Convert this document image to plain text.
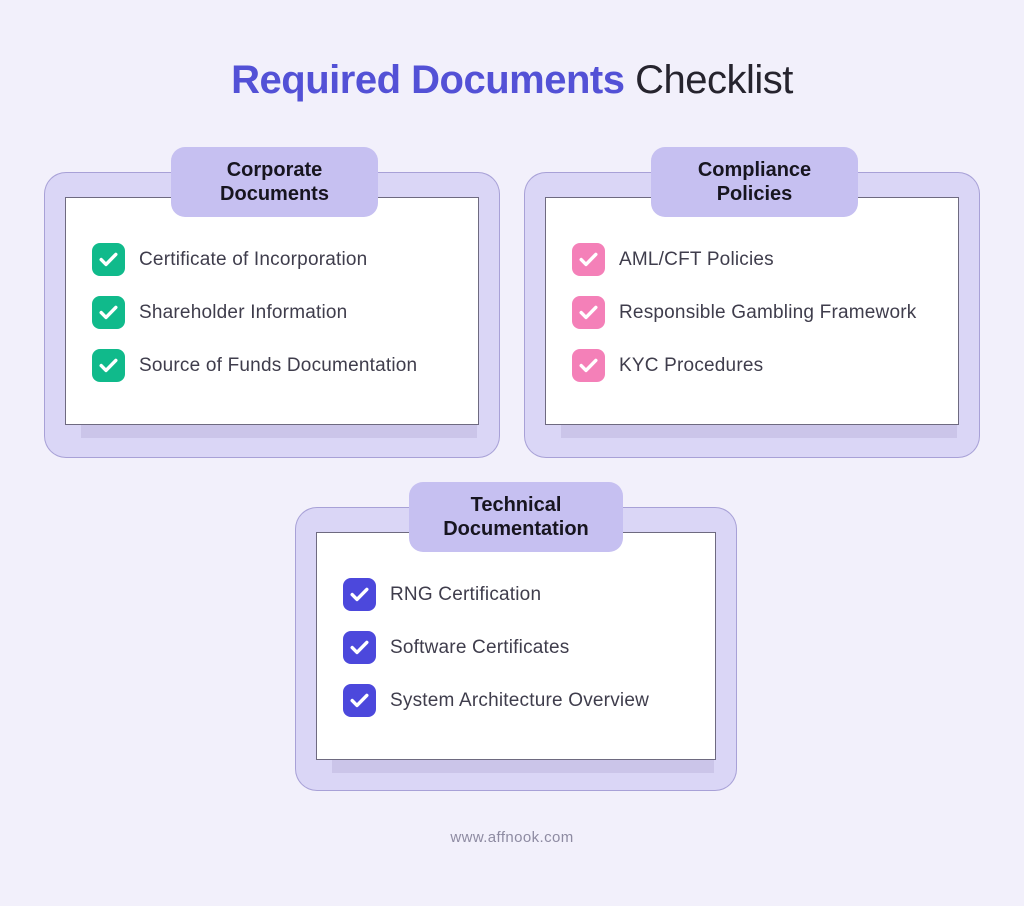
Required Documents Checklist
Corporate
Documents
Certificate of Incorporation
Shareholder Information
Source of Funds Documentation
Compliance
Policies
AML/CFT Policies
Responsible Gambling Framework
KYC Procedures
Technical
Documentation
RNG Certification
Software Certificates
System Architecture Overview
www.affnook.com
